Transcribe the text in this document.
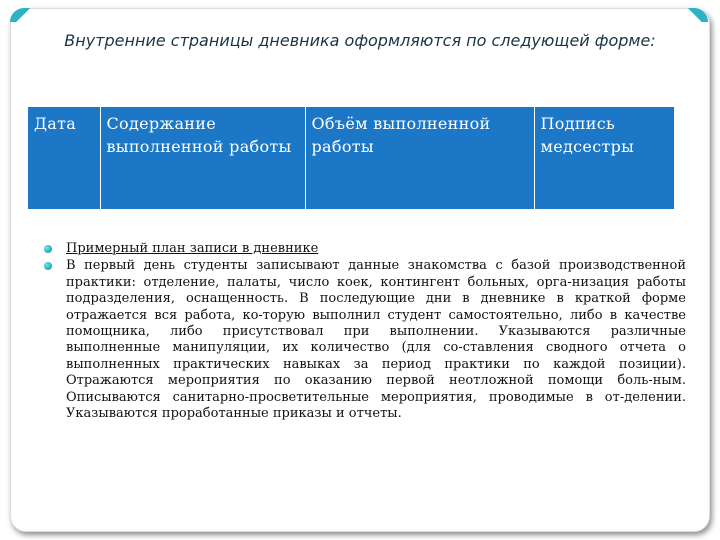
Внутренние страницы дневника оформляются по следующей форме:
Дата	Содержание выполненной работы	Объём выполненной работы	Подпись медсестры
Примерный план записи в дневнике
В первый день студенты записывают данные знакомства с базой производственной практики: отделение, палаты, число коек, контингент больных, орга-низация работы подразделения, оснащенность. В последующие дни в дневнике в краткой форме отражается вся работа, ко-торую выполнил студент самостоятельно, либо в качестве помощника, либо присутствовал при выполнении. Указываются различные выполненные манипуляции, их количество (для со-ставления сводного отчета о выполненных практических навыках за период практики по каждой позиции). Отражаются мероприятия по оказанию первой неотложной помощи боль-ным. Описываются санитарно-просветительные мероприятия, проводимые в от-делении. Указываются проработанные приказы и отчеты.
